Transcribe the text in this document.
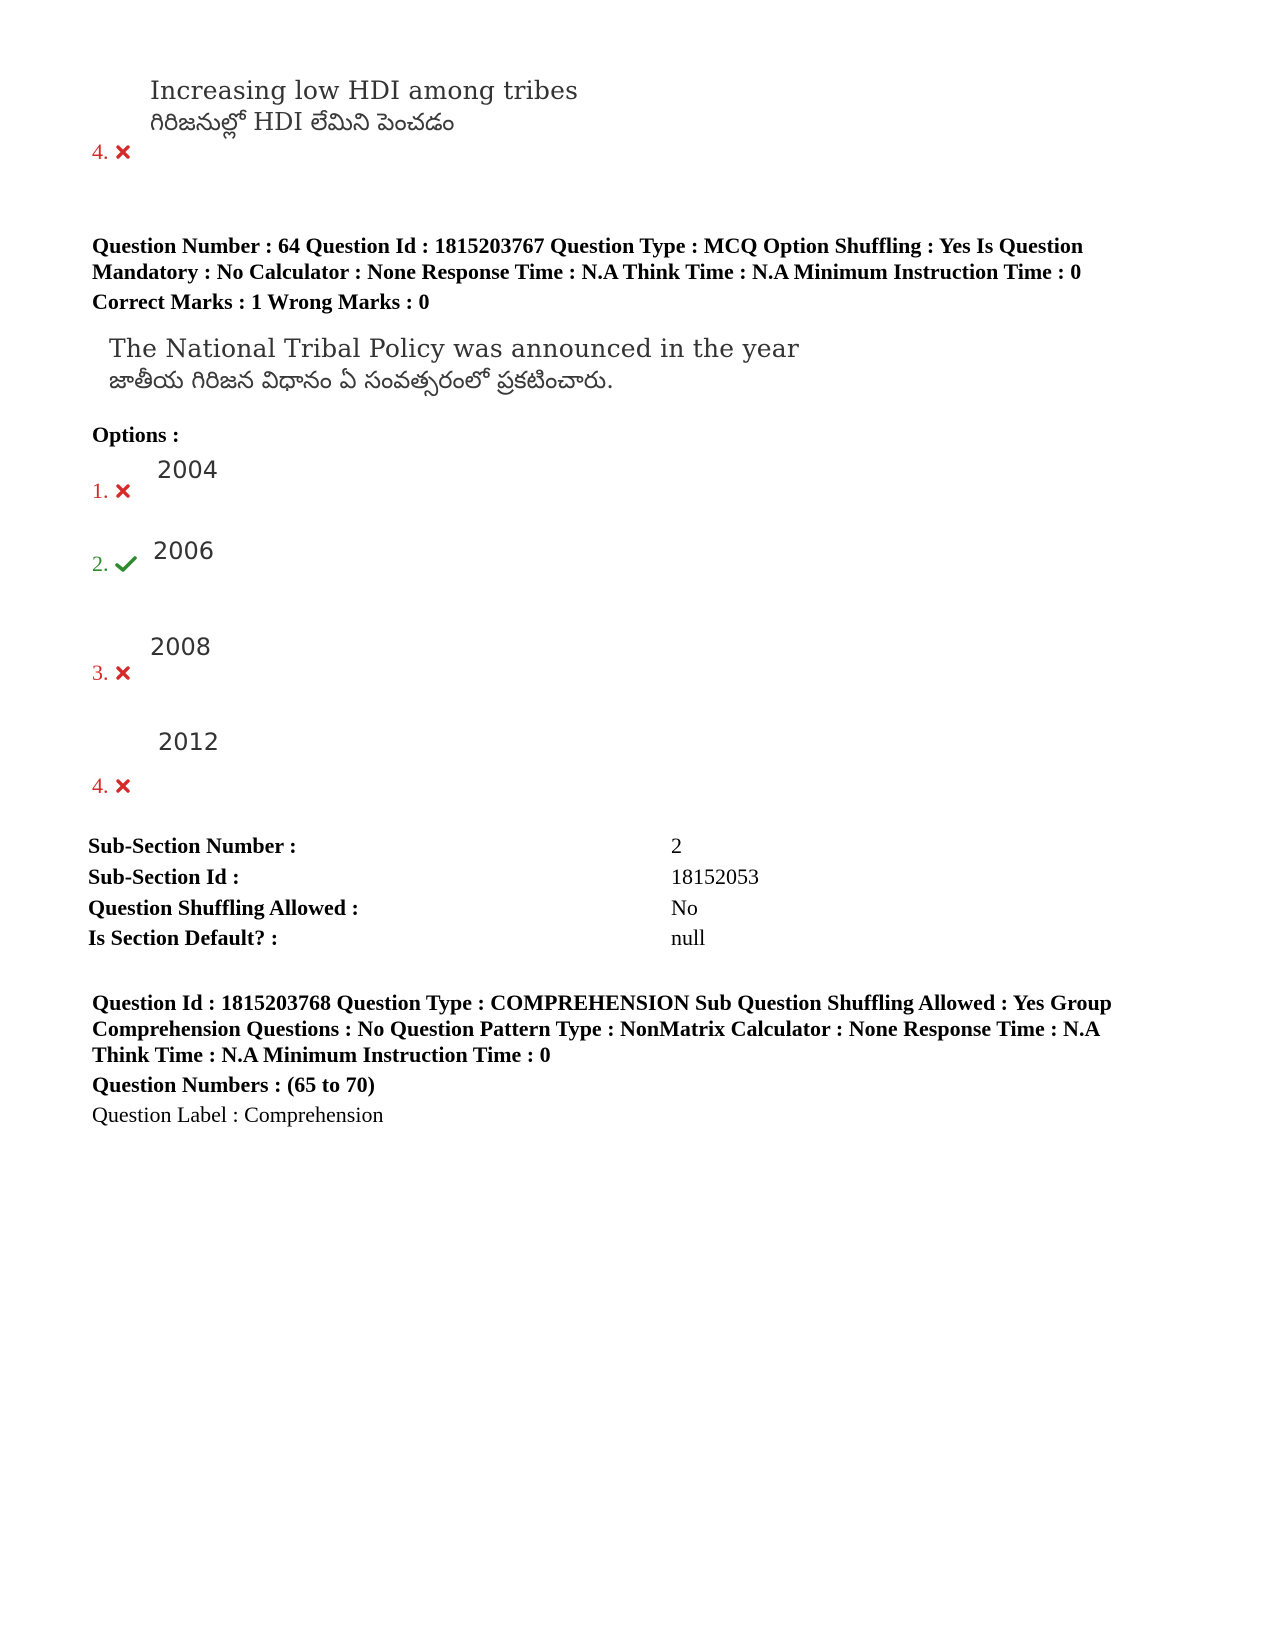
Increasing low HDI among tribes
గిరిజనుల్లో HDI లేమిని పెంచడం
4.
Question Number : 64 Question Id : 1815203767 Question Type : MCQ Option Shuffling : Yes Is Question
Mandatory : No Calculator : None Response Time : N.A Think Time : N.A Minimum Instruction Time : 0
Correct Marks : 1 Wrong Marks : 0
The National Tribal Policy was announced in the year
జాతీయ గిరిజన విధానం ఏ సంవత్సరంలో ప్రకటించారు.
Options :
2004
1.
2006
2.
2008
3.
2012
4.
Sub-Section Number :	2
Sub-Section Id :	18152053
Question Shuffling Allowed :	No
Is Section Default? :	null
Question Id : 1815203768 Question Type : COMPREHENSION Sub Question Shuffling Allowed : Yes Group
Comprehension Questions : No Question Pattern Type : NonMatrix Calculator : None Response Time : N.A
Think Time : N.A Minimum Instruction Time : 0
Question Numbers : (65 to 70)
Question Label : Comprehension
